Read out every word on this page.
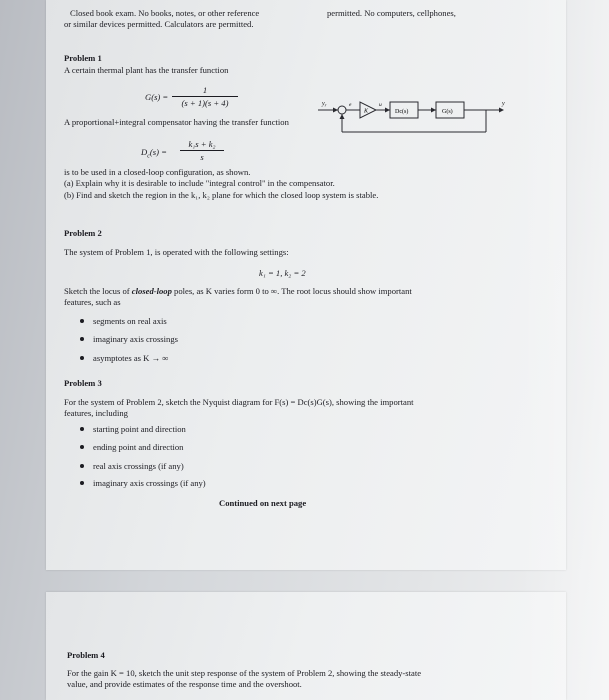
Closed book exam. No books, notes, or other reference	permitted. No computers, cellphones,
or similar devices permitted. Calculators are permitted.
Problem 1
A certain thermal plant has the transfer function
G(s) =
1
(s + 1)(s + 4)
A proportional+integral compensator having the transfer function
$D_c(s)$ =
k₁s + k₂
s
$y_r$	e
K
u
Dc(s)	G(s)
y
is to be used in a closed-loop configuration, as shown.
(a) Explain why it is desirable to include "integral control" in the compensator.
(b) Find and sketch the region in the k₁, k₂ plane for which the closed loop system is stable.
Problem 2
The system of Problem 1, is operated with the following settings:
k₁ = 1, k₂ = 2
Sketch the locus of closed-loop poles, as K varies form 0 to ∞. The root locus should show important
features, such as
segments on real axis
imaginary axis crossings
asymptotes as K → ∞
Problem 3
For the system of Problem 2, sketch the Nyquist diagram for F(s) = Dc(s)G(s), showing the important
features, including
starting point and direction
ending point and direction
real axis crossings (if any)
imaginary axis crossings (if any)
Continued on next page
Problem 4
For the gain K = 10, sketch the unit step response of the system of Problem 2, showing the steady-state
value, and provide estimates of the response time and the overshoot.
